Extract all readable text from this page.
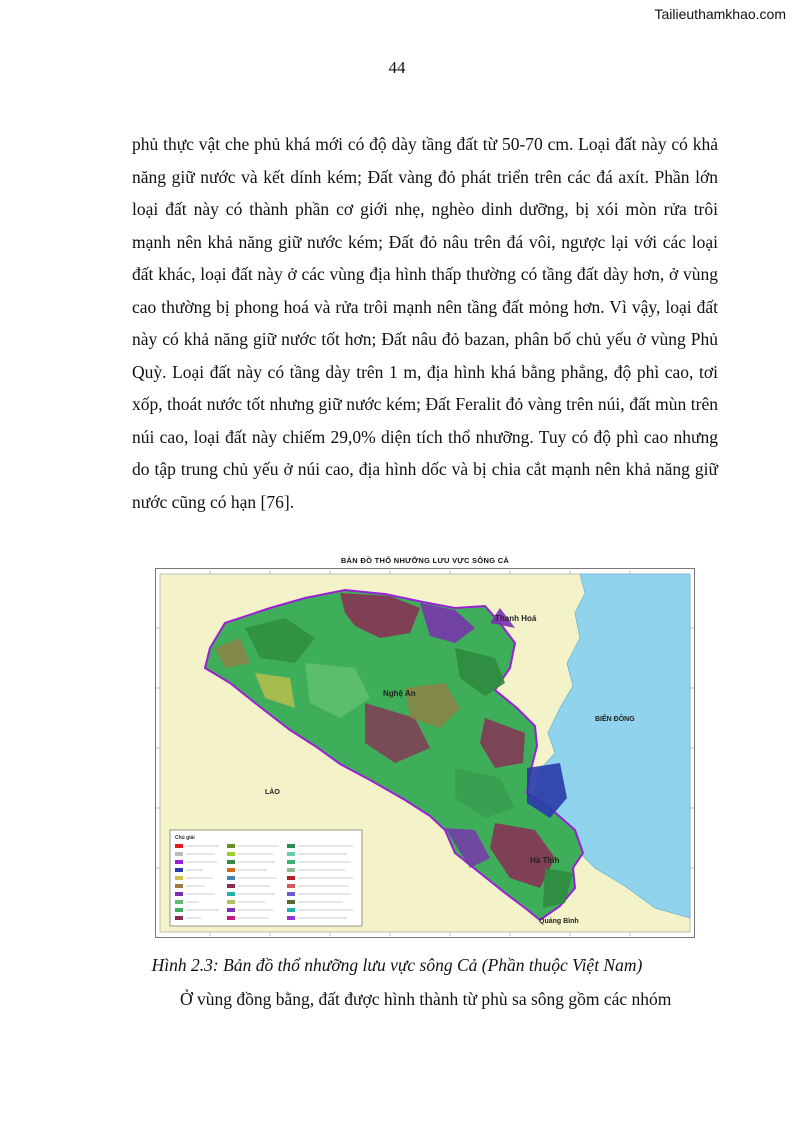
Tailieuthamkhao.com
44

phủ thực vật che phủ khá mới có độ dày tầng đất từ 50-70 cm. Loại đất này có khả năng giữ nước và kết dính kém; Đất vàng đỏ phát triển trên các đá axít. Phần lớn loại đất này có thành phần cơ giới nhẹ, nghèo dinh dưỡng, bị xói mòn rửa trôi mạnh nên khả năng giữ nước kém; Đất đỏ nâu trên đá vôi, ngược lại với các loại đất khác, loại đất này ở các vùng địa hình thấp thường có tầng đất dày hơn, ở vùng cao thường bị phong hoá và rửa trôi mạnh nên tầng đất mỏng hơn. Vì vậy, loại đất này có khả năng giữ nước tốt hơn; Đất nâu đỏ bazan, phân bố chủ yếu ở vùng Phủ Quỳ. Loại đất này có tầng dày trên 1 m, địa hình khá bằng phẳng, độ phì cao, tơi xốp, thoát nước tốt nhưng giữ nước kém; Đất Feralit đỏ vàng trên núi, đất mùn trên núi cao, loại đất này chiếm 29,0% diện tích thổ nhưỡng. Tuy có độ phì cao nhưng do tập trung chủ yếu ở núi cao, địa hình dốc và bị chia cắt mạnh nên khả năng giữ nước cũng có hạn [76].

BẢN ĐỒ THỔ NHƯỠNG LƯU VỰC SÔNG CẢ
Chú giải
Thanh Hoá
Nghệ An
BIỂN ĐÔNG
LÀO
Hà Tĩnh
Quảng Bình
Hình 2.3: Bản đồ thổ nhưỡng lưu vực sông Cả (Phần thuộc Việt Nam)

Ở vùng đồng bằng, đất được hình thành từ phù sa sông gồm các nhóm
